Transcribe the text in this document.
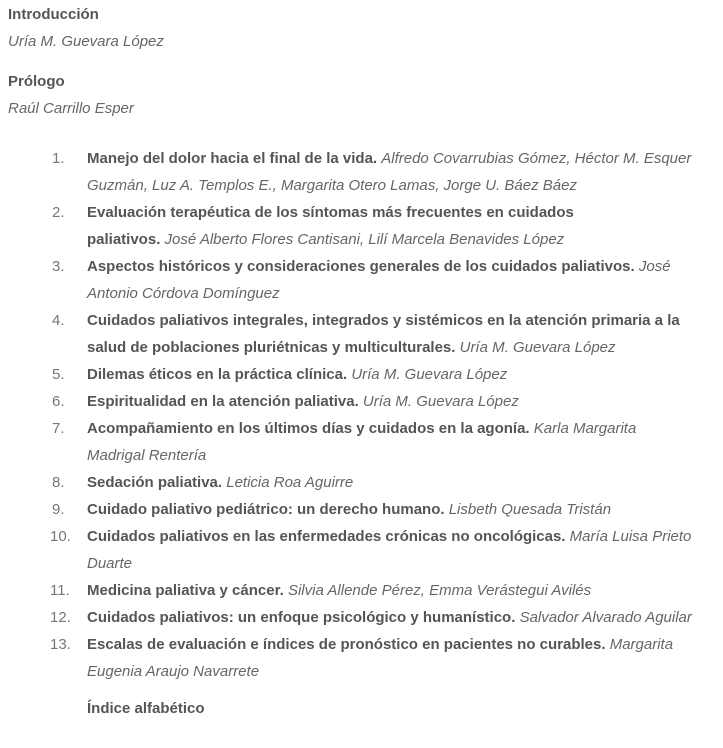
Introducción
Uría M. Guevara López

Prólogo
Raúl Carrillo Esper

1.	Manejo del dolor hacia el final de la vida. Alfredo Covarrubias Gómez, Héctor M. Esquer Guzmán, Luz A. Templos E., Margarita Otero Lamas, Jorge U. Báez Báez
2.	Evaluación terapéutica de los síntomas más frecuentes en cuidados paliativos. José Alberto Flores Cantisani, Lilí Marcela Benavides López
3.	Aspectos históricos y consideraciones generales de los cuidados paliativos. José Antonio Córdova Domínguez
4.	Cuidados paliativos integrales, integrados y sistémicos en la atención primaria a la salud de poblaciones pluriétnicas y multiculturales. Uría M. Guevara López
5.	Dilemas éticos en la práctica clínica. Uría M. Guevara López
6.	Espiritualidad en la atención paliativa. Uría M. Guevara López
7.	Acompañamiento en los últimos días y cuidados en la agonía. Karla Margarita Madrigal Rentería
8.	Sedación paliativa. Leticia Roa Aguirre
9.	Cuidado paliativo pediátrico: un derecho humano. Lisbeth Quesada Tristán
10.	Cuidados paliativos en las enfermedades crónicas no oncológicas. María Luisa Prieto Duarte
11.	Medicina paliativa y cáncer. Silvia Allende Pérez, Emma Verástegui Avilés
12.	Cuidados paliativos: un enfoque psicológico y humanístico. Salvador Alvarado Aguilar
13.	Escalas de evaluación e índices de pronóstico en pacientes no curables. Margarita Eugenia Araujo Navarrete
Índice alfabético
